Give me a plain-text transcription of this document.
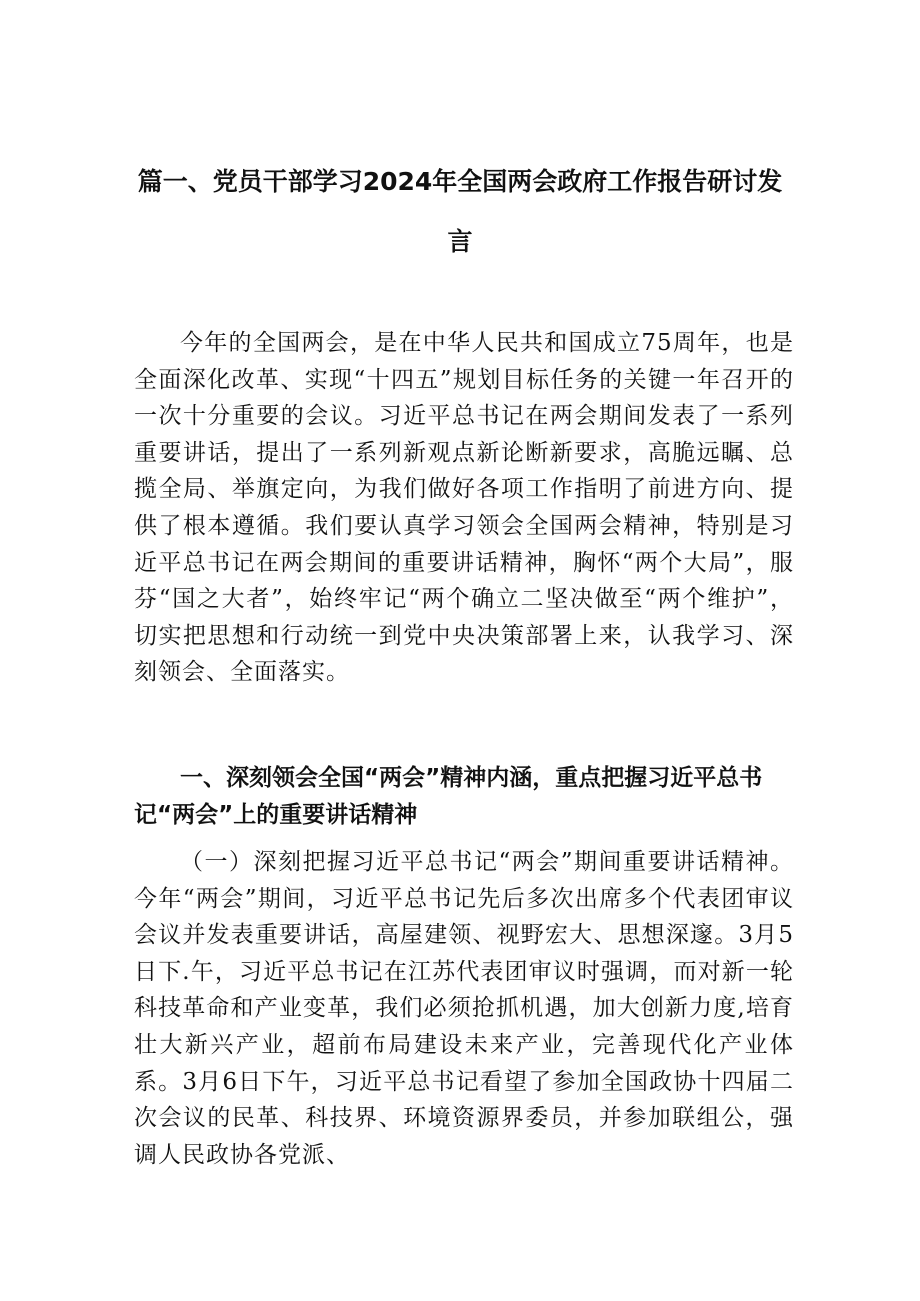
篇一、党员干部学习2024年全国两会政府工作报告研讨发言

今年的全国两会，是在中华人民共和国成立75周年，也是全面深化改革、实现“十四五”规划目标任务的关键一年召开的一次十分重要的会议。习近平总书记在两会期间发表了一系列重要讲话，提出了一系列新观点新论断新要求，高脆远瞩、总揽全局、举旗定向，为我们做好各项工作指明了前进方向、提供了根本遵循。我们要认真学习领会全国两会精神，特别是习近平总书记在两会期间的重要讲话精神，胸怀“两个大局”，服芬“国之大者”，始终牢记“两个确立二坚决做至“两个维护”，切实把思想和行动统一到党中央决策部署上来，认我学习、深刻领会、全面落实。

一、深刻领会全国“两会”精神内涵，重点把握习近平总书记“两会”上的重要讲话精神

（一）深刻把握习近平总书记“两会”期间重要讲话精神。今年“两会”期间，习近平总书记先后多次出席多个代表团审议会议并发表重要讲话，高屋建领、视野宏大、思想深邃。3月5日下.午，习近平总书记在江苏代表团审议时强调，而对新一轮科技革命和产业变革，我们必须抢抓机遇，加大创新力度,培育壮大新兴产业，超前布局建设未来产业，完善现代化产业体系。3月6日下午，习近平总书记看望了参加全国政协十四届二次会议的民革、科技界、环境资源界委员，并参加联组公，强调人民政协各党派、
